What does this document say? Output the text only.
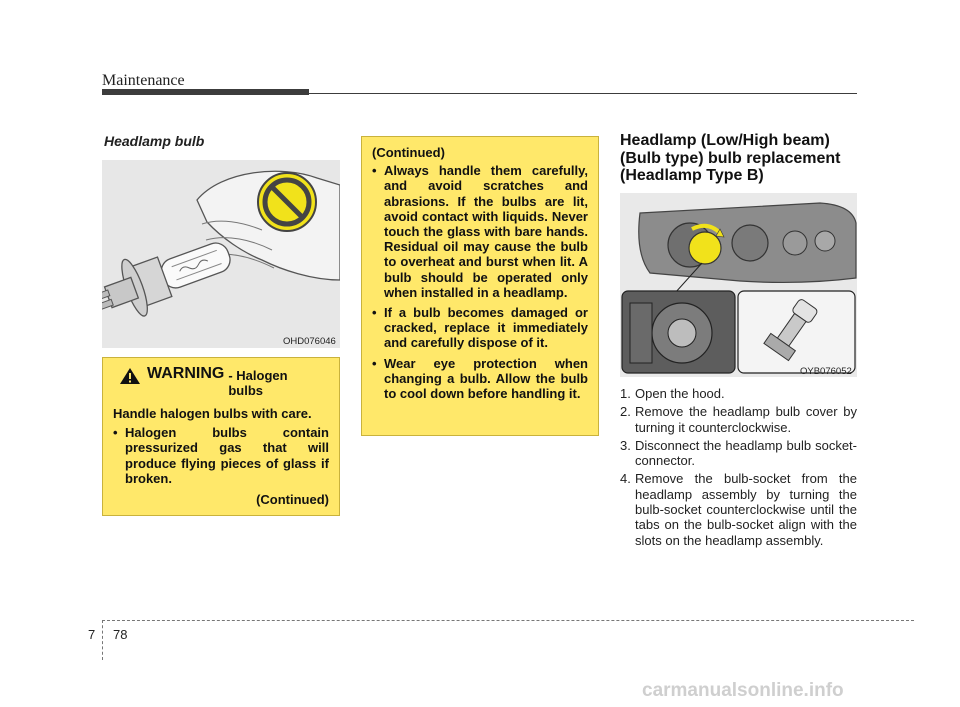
Maintenance
Headlamp bulb
OHD076046
WARNING - Halogen bulbs
Handle halogen bulbs with care.
• Halogen bulbs contain pressurized gas that will produce flying pieces of glass if broken.
(Continued)
(Continued)
• Always handle them carefully, and avoid scratches and abrasions. If the bulbs are lit, avoid contact with liquids. Never touch the glass with bare hands. Residual oil may cause the bulb to overheat and burst when lit. A bulb should be operated only when installed in a headlamp.
• If a bulb becomes damaged or cracked, replace it immediately and carefully dispose of it.
• Wear eye protection when changing a bulb. Allow the bulb to cool down before handling it.
Headlamp (Low/High beam) (Bulb type) bulb replacement (Headlamp Type B)
OYB076052
1. Open the hood.
2. Remove the headlamp bulb cover by turning it counterclockwise.
3. Disconnect the headlamp bulb socket-connector.
4. Remove the bulb-socket from the headlamp assembly by turning the bulb-socket counterclockwise until the tabs on the bulb-socket align with the slots on the headlamp assembly.
7 78
carmanualsonline.info
